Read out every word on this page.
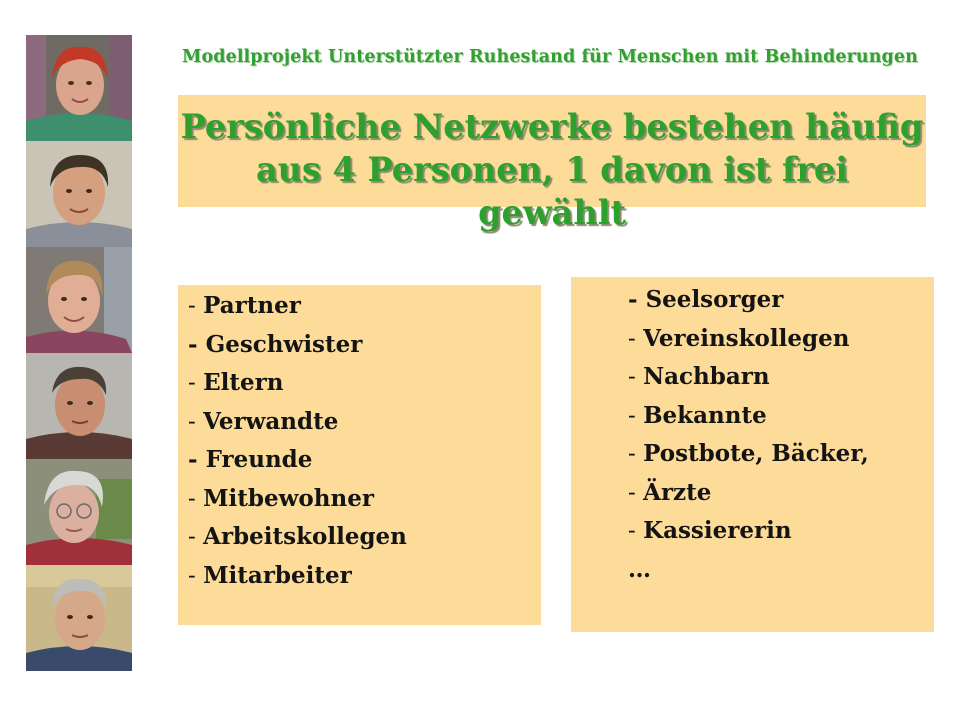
Modellprojekt Unterstützter Ruhestand für Menschen mit Behinderungen
Persönliche Netzwerke bestehen häufig
aus 4 Personen, 1 davon ist frei gewählt
- Partner
- Geschwister
- Eltern
- Verwandte
- Freunde
- Mitbewohner
- Arbeitskollegen
- Mitarbeiter
- Seelsorger
- Vereinskollegen
- Nachbarn
- Bekannte
- Postbote, Bäcker,
- Ärzte
- Kassiererin
…
